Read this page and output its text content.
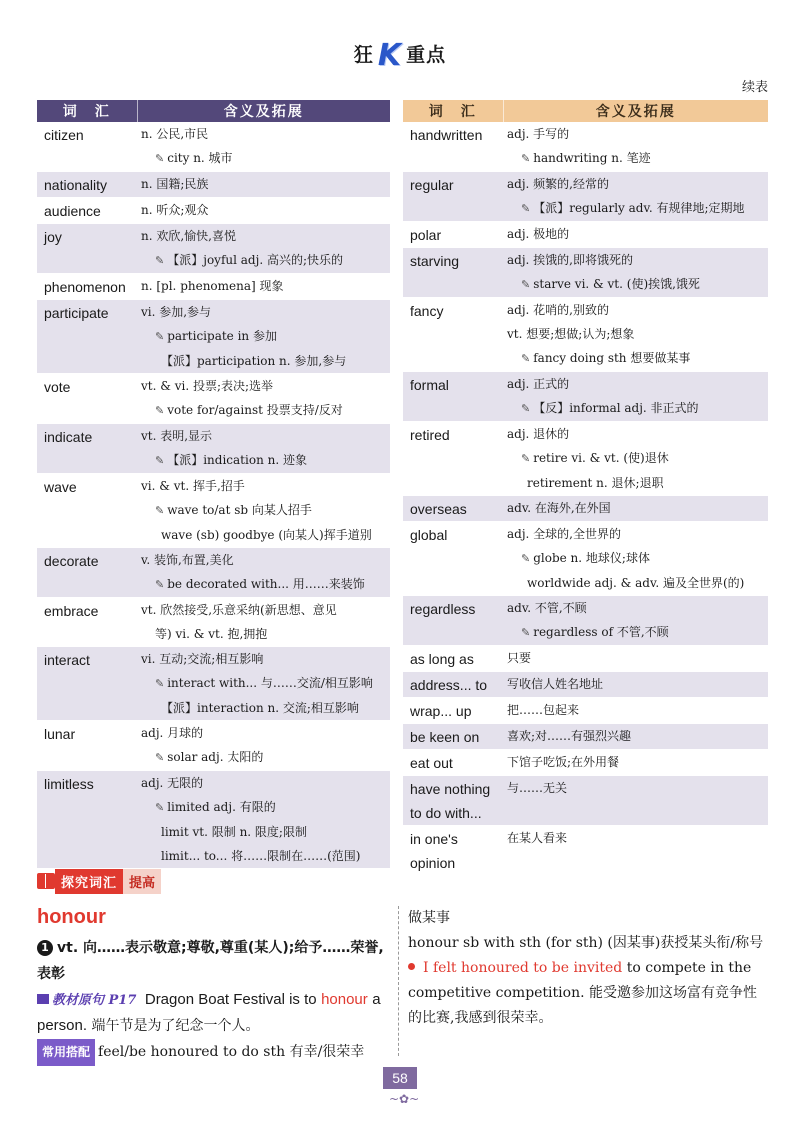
狂 K 重点
续表
词　汇	含义及拓展
citizen	n. 公民,市民
✎ city n. 城市

nationality	n. 国籍;民族

audience	n. 听众;观众

joy	n. 欢欣,愉快,喜悦
✎ 【派】joyful adj. 高兴的;快乐的

phenomenon	n. [pl. phenomena] 现象

participate	vi. 参加,参与
✎ participate in 参加
【派】participation n. 参加,参与

vote	vt. & vi. 投票;表决;选举
✎ vote for/against 投票支持/反对

indicate	vt. 表明,显示
✎ 【派】indication n. 迹象

wave	vi. & vt. 挥手,招手
✎ wave to/at sb 向某人招手
wave (sb) goodbye (向某人)挥手道别

decorate	v. 装饰,布置,美化
✎ be decorated with... 用……来装饰

embrace	vt. 欣然接受,乐意采纳(新思想、意见
等) vi. & vt. 抱,拥抱

interact	vi. 互动;交流;相互影响
✎ interact with... 与……交流/相互影响
【派】interaction n. 交流;相互影响

lunar	adj. 月球的
✎ solar adj. 太阳的

limitless	adj. 无限的
✎ limited adj. 有限的
limit vt. 限制 n. 限度;限制
limit... to... 将……限制在……(范围)
词　汇	含义及拓展
handwritten	adj. 手写的
✎ handwriting n. 笔迹

regular	adj. 频繁的,经常的
✎ 【派】regularly adv. 有规律地;定期地

polar	adj. 极地的

starving	adj. 挨饿的,即将饿死的
✎ starve vi. & vt. (使)挨饿,饿死

fancy	adj. 花哨的,别致的
vt. 想要;想做;认为;想象
✎ fancy doing sth 想要做某事

formal	adj. 正式的
✎ 【反】informal adj. 非正式的

retired	adj. 退休的
✎ retire vi. & vt. (使)退休
retirement n. 退休;退职

overseas	adv. 在海外,在外国

global	adj. 全球的,全世界的
✎ globe n. 地球仪;球体
worldwide adj. & adv. 遍及全世界(的)

regardless	adv. 不管,不顾
✎ regardless of 不管,不顾

as long as	只要

address... to	写收信人姓名地址

wrap... up	把……包起来

be keen on	喜欢;对……有强烈兴趣

eat out	下馆子吃饭;在外用餐

have nothing to do with...	与……无关

in one's opinion	在某人看来
探究词汇 提高
honour
1 vt. 向……表示敬意;尊敬,尊重(某人);给予……荣誉,表彰
教材原句 P17 Dragon Boat Festival is to honour a person. 端午节是为了纪念一个人。
常用搭配 feel/be honoured to do sth 有幸/很荣幸
做某事
honour sb with sth (for sth) (因某事)获授某头衔/称号
I felt honoured to be invited to compete in the competitive competition. 能受邀参加这场富有竞争性的比赛,我感到很荣幸。
58
~✿~
